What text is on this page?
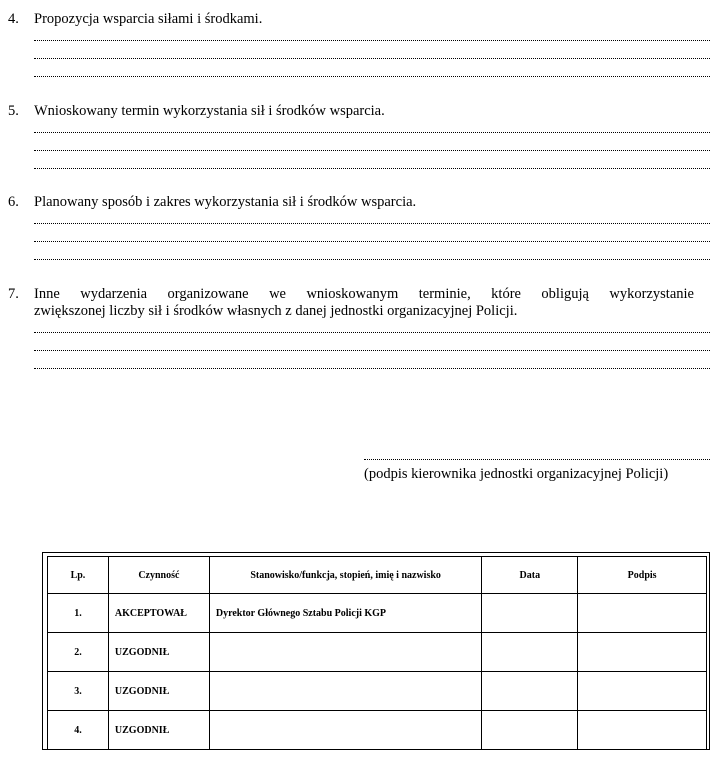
4. Propozycja wsparcia siłami i środkami.
5. Wnioskowany termin wykorzystania sił i środków wsparcia.
6. Planowany sposób i zakres wykorzystania sił i środków wsparcia.
7. Inne wydarzenia organizowane we wnioskowanym terminie, które obligują wykorzystanie
zwiększonej liczby sił i środków własnych z danej jednostki organizacyjnej Policji.
(podpis kierownika jednostki organizacyjnej Policji)
Lp.	Czynność	Stanowisko/funkcja, stopień, imię i nazwisko	Data	Podpis
1.	AKCEPTOWAŁ	Dyrektor Głównego Sztabu Policji KGP		
2.	UZGODNIŁ			
3.	UZGODNIŁ			
4.	UZGODNIŁ			
